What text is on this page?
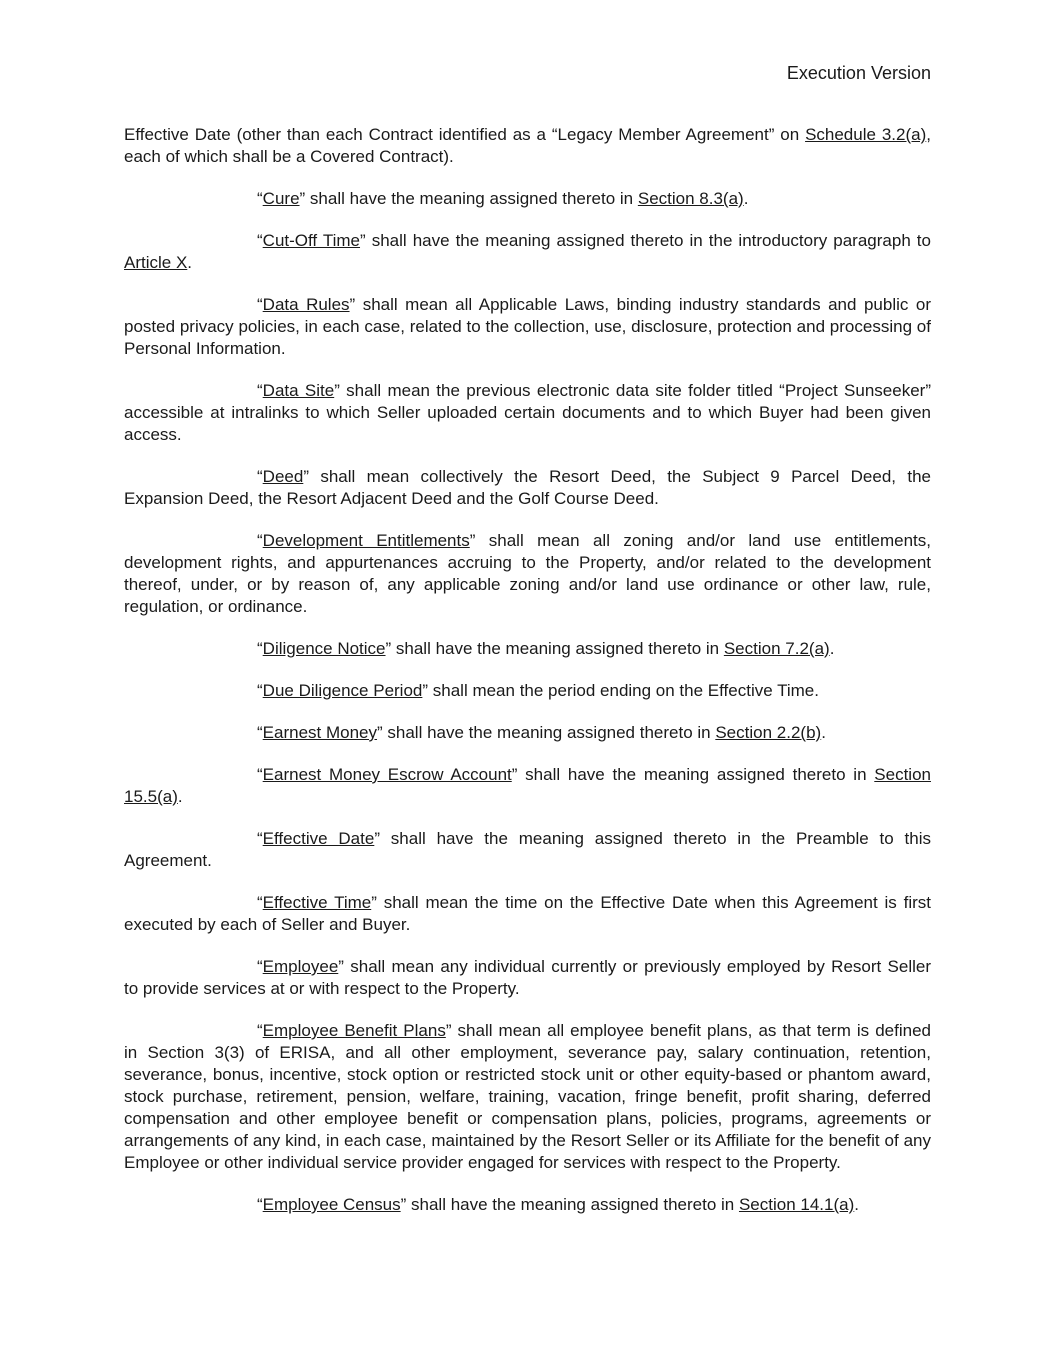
Execution Version

Effective Date (other than each Contract identified as a “Legacy Member Agreement” on Schedule 3.2(a), each of which shall be a Covered Contract).

“Cure” shall have the meaning assigned thereto in Section 8.3(a).

“Cut-Off Time” shall have the meaning assigned thereto in the introductory paragraph to Article X.

“Data Rules” shall mean all Applicable Laws, binding industry standards and public or posted privacy policies, in each case, related to the collection, use, disclosure, protection and processing of Personal Information.

“Data Site” shall mean the previous electronic data site folder titled “Project Sunseeker” accessible at intralinks to which Seller uploaded certain documents and to which Buyer had been given access.

“Deed” shall mean collectively the Resort Deed, the Subject 9 Parcel Deed, the Expansion Deed, the Resort Adjacent Deed and the Golf Course Deed.

“Development Entitlements” shall mean all zoning and/or land use entitlements, development rights, and appurtenances accruing to the Property, and/or related to the development thereof, under, or by reason of, any applicable zoning and/or land use ordinance or other law, rule, regulation, or ordinance.

“Diligence Notice” shall have the meaning assigned thereto in Section 7.2(a).

“Due Diligence Period” shall mean the period ending on the Effective Time.

“Earnest Money” shall have the meaning assigned thereto in Section 2.2(b).

“Earnest Money Escrow Account” shall have the meaning assigned thereto in Section 15.5(a).

“Effective Date” shall have the meaning assigned thereto in the Preamble to this Agreement.

“Effective Time” shall mean the time on the Effective Date when this Agreement is first executed by each of Seller and Buyer.

“Employee” shall mean any individual currently or previously employed by Resort Seller to provide services at or with respect to the Property.

“Employee Benefit Plans” shall mean all employee benefit plans, as that term is defined in Section 3(3) of ERISA, and all other employment, severance pay, salary continuation, retention, severance, bonus, incentive, stock option or restricted stock unit or other equity-based or phantom award, stock purchase, retirement, pension, welfare, training, vacation, fringe benefit, profit sharing, deferred compensation and other employee benefit or compensation plans, policies, programs, agreements or arrangements of any kind, in each case, maintained by the Resort Seller or its Affiliate for the benefit of any Employee or other individual service provider engaged for services with respect to the Property.

“Employee Census” shall have the meaning assigned thereto in Section 14.1(a).
